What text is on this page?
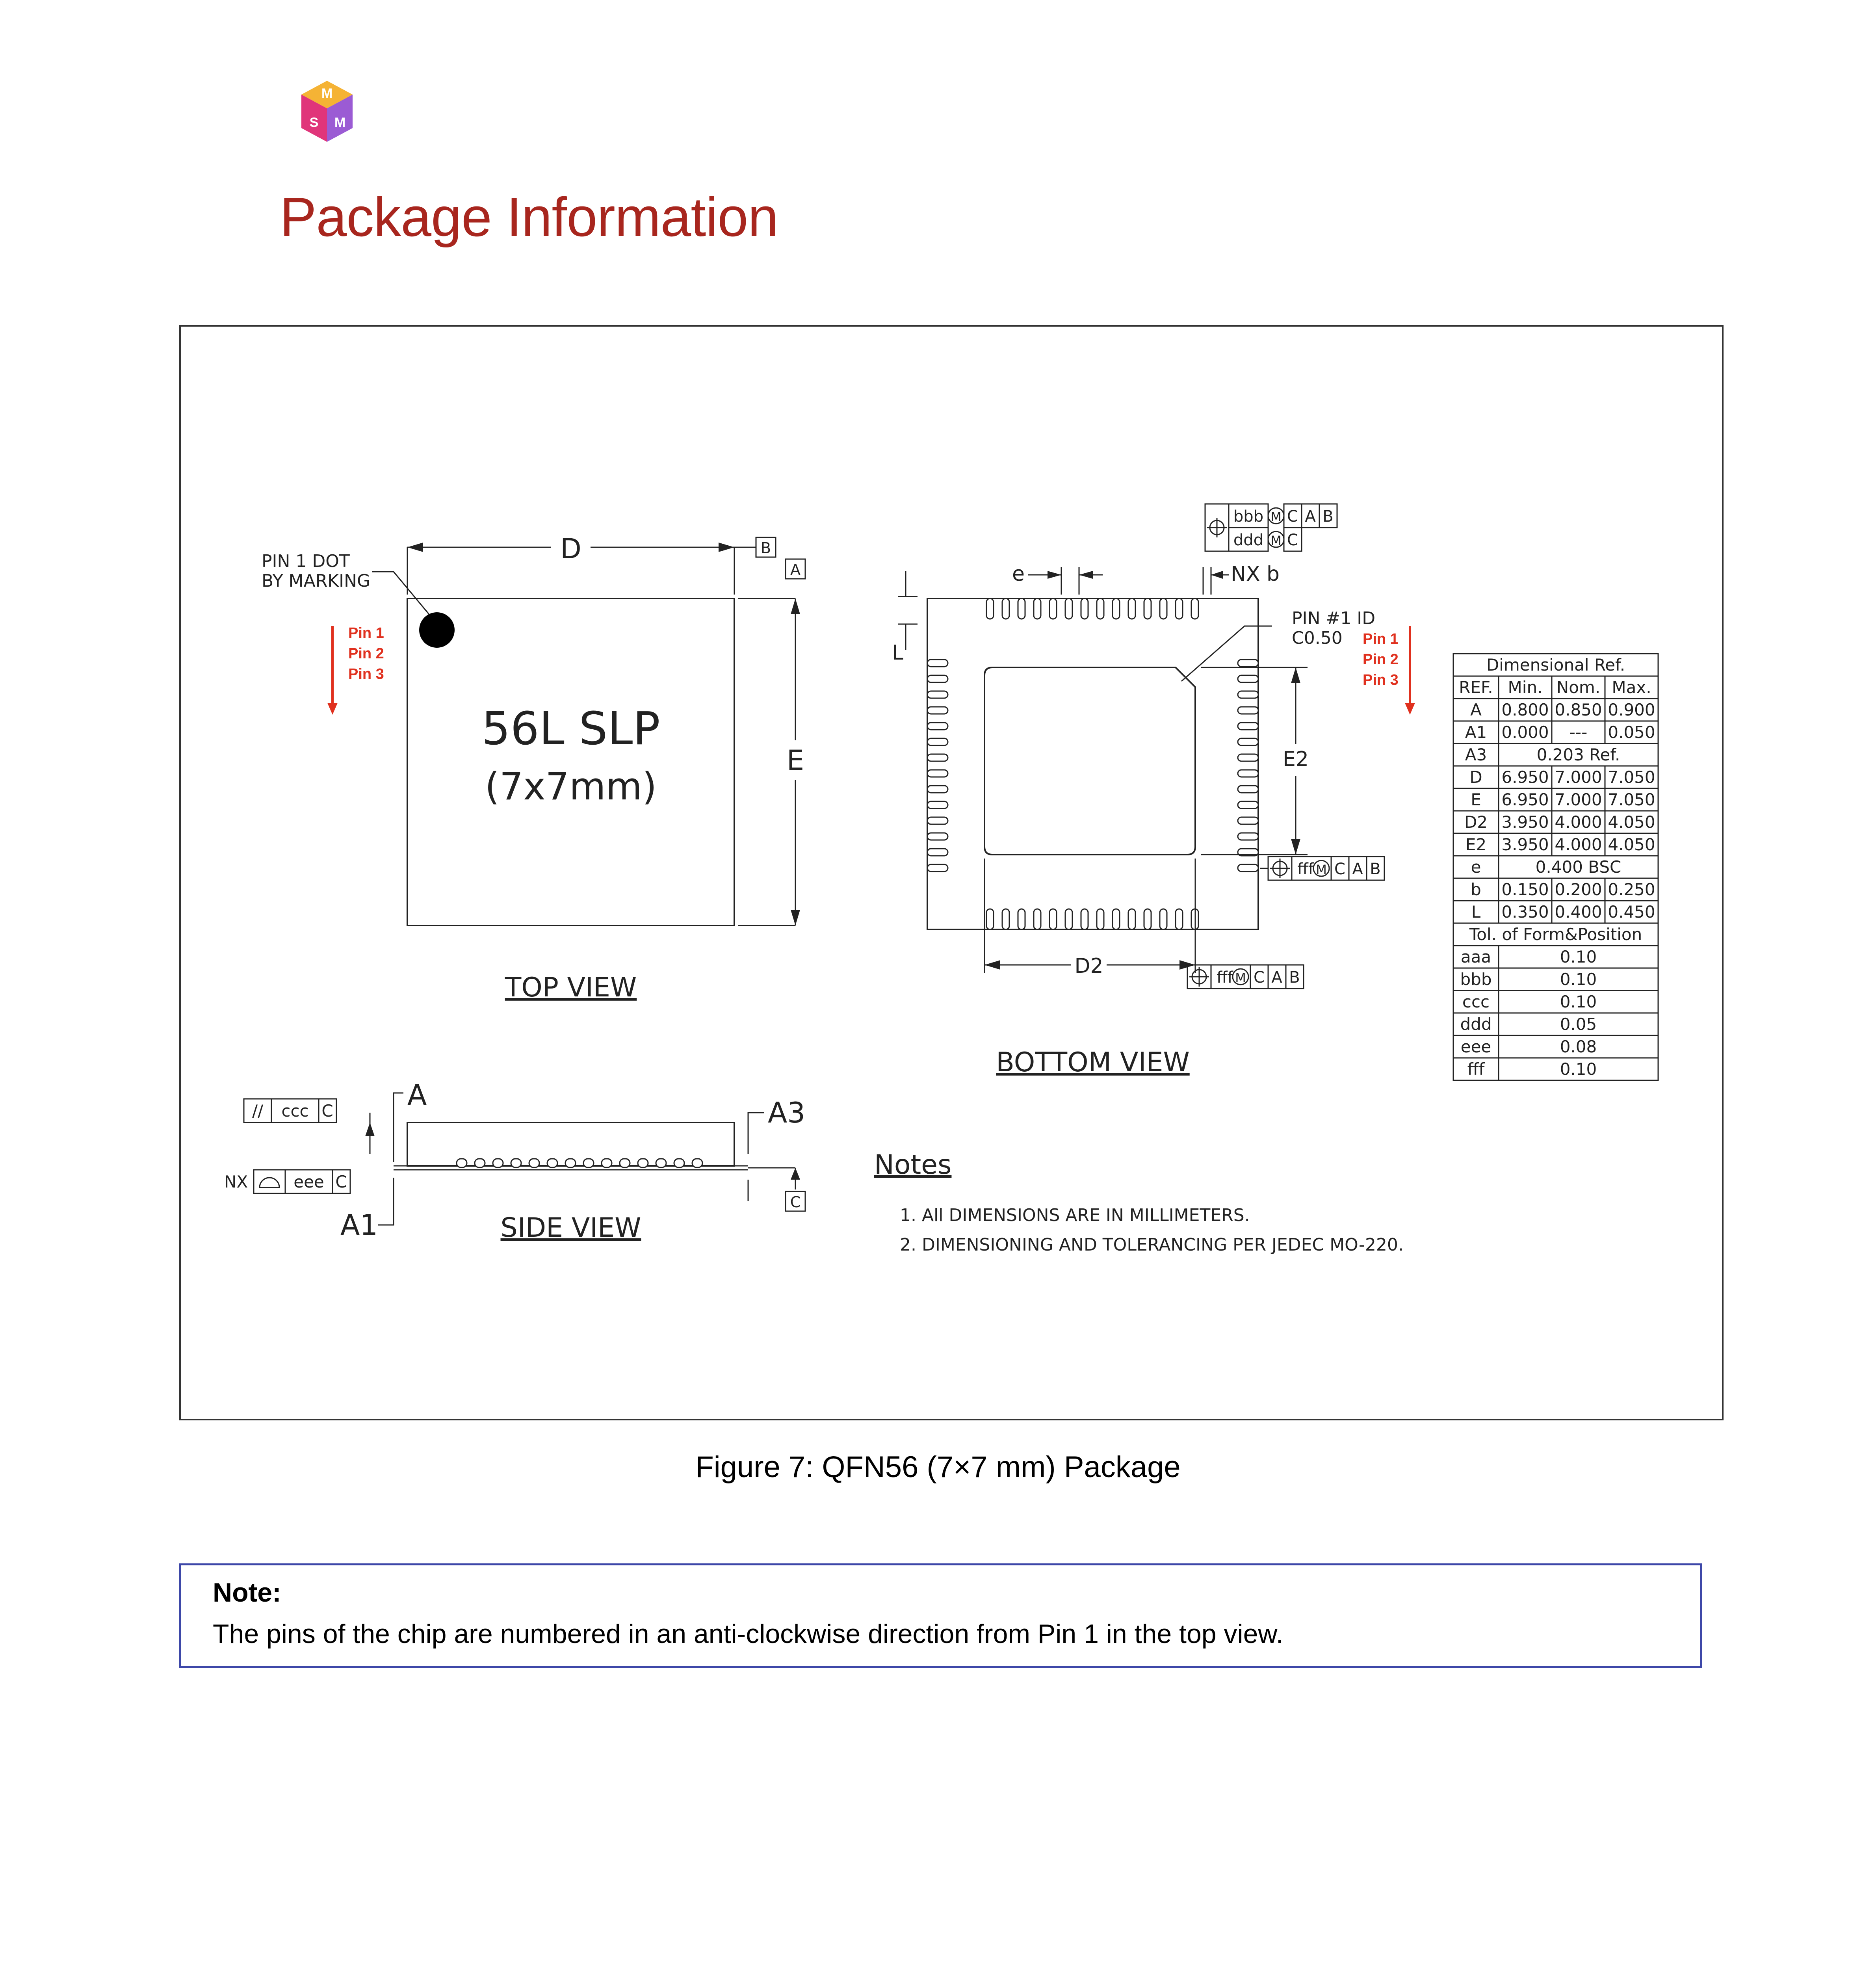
M
S M
Package Information
PIN 1 DOT
BY MARKING
56L SLP
(7x7mm)
D	B
E
A
Pin 1
Pin 2
Pin 3
TOP VIEW
PIN #1 ID
C0.50
e	NX b
L
E2
D2
Pin 1
Pin 2
Pin 3
bbb M C A B
ddd M C
fff M C A B
fff M C A B
BOTTOM VIEW
A
A1
A3
C
// ccc C
NX	eee C
SIDE VIEW
Notes
1. All DIMENSIONS ARE IN MILLIMETERS.
2. DIMENSIONING AND TOLERANCING PER JEDEC MO-220.
Dimensional Ref.
REF. Min. Nom. Max.
A 0.800 0.850 0.900
A1 0.000 --- 0.050
A3	0.203 Ref.
D 6.950 7.000 7.050
E 6.950 7.000 7.050
D2 3.950 4.000 4.050
E2 3.950 4.000 4.050
e	0.400 BSC
b 0.150 0.200 0.250
L 0.350 0.400 0.450
Tol. of Form&Position
aaa	0.10
bbb	0.10
ccc	0.10
ddd	0.05
eee	0.08
fff	0.10
Figure 7: QFN56 (7×7 mm) Package
Note:
The pins of the chip are numbered in an anti-clockwise direction from Pin 1 in the top view.
